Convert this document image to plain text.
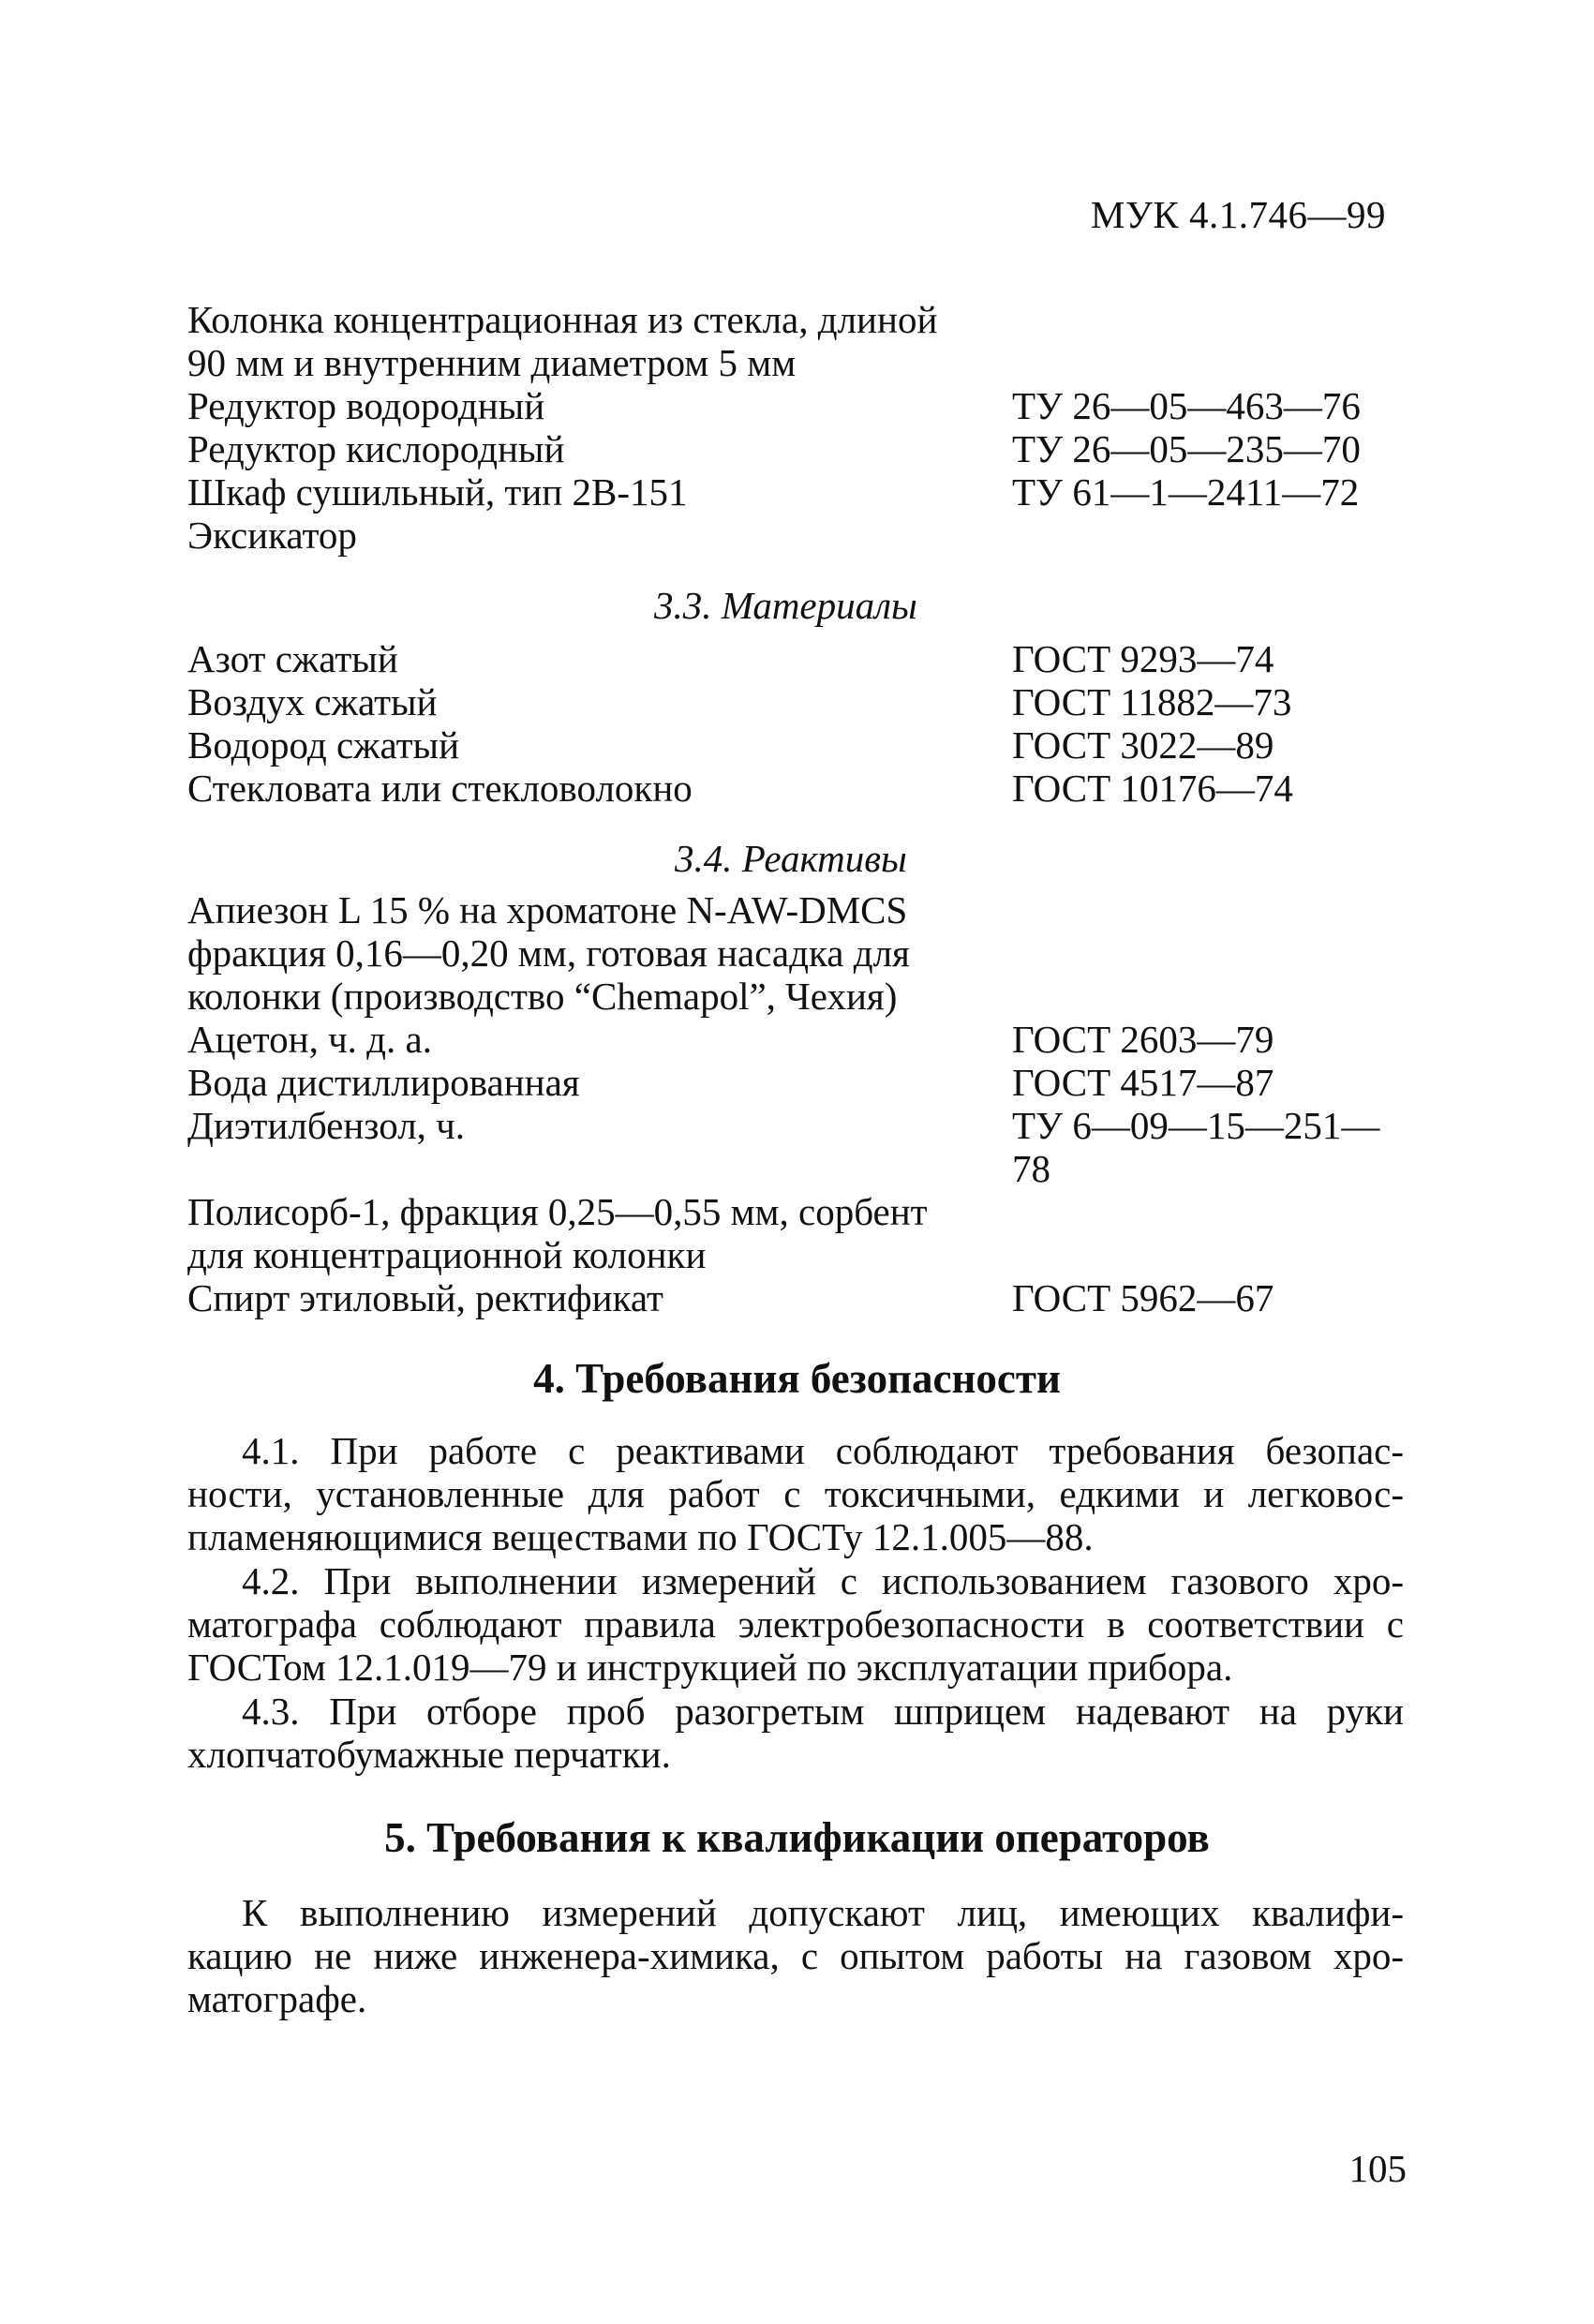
МУК 4.1.746—99
Колонка концентрационная из стекла, длиной
90 мм и внутренним диаметром 5 мм
Редуктор водородный	ТУ 26—05—463—76
Редуктор кислородный	ТУ 26—05—235—70
Шкаф сушильный, тип 2В-151	ТУ 61—1—2411—72
Эксикатор
3.3. Материалы
Азот сжатый	ГОСТ 9293—74
Воздух сжатый	ГОСТ 11882—73
Водород сжатый	ГОСТ 3022—89
Стекловата или стекловолокно	ГОСТ 10176—74
3.4. Реактивы
Апиезон L 15 % на хроматоне N-AW-DMCS
фракция 0,16—0,20 мм, готовая насадка для
колонки (производство “Chemapol”, Чехия)
Ацетон, ч. д. а.	ГОСТ 2603—79
Вода дистиллированная	ГОСТ 4517—87
Диэтилбензол, ч.	ТУ 6—09—15—251—
78
Полисорб-1, фракция 0,25—0,55 мм, сорбент
для концентрационной колонки
Спирт этиловый, ректификат	ГОСТ 5962—67
4. Требования безопасности
4.1. При работе с реактивами соблюдают требования безопас-
ности, установленные для работ с токсичными, едкими и легковос-
пламеняющимися веществами по ГОСТу 12.1.005—88.
4.2. При выполнении измерений с использованием газового хро-
матографа соблюдают правила электробезопасности в соответствии с
ГОСТом 12.1.019—79 и инструкцией по эксплуатации прибора.
4.3. При отборе проб разогретым шприцем надевают на руки
хлопчатобумажные перчатки.
5. Требования к квалификации операторов
К выполнению измерений допускают лиц, имеющих квалифи-
кацию не ниже инженера-химика, с опытом работы на газовом хро-
матографе.
105
